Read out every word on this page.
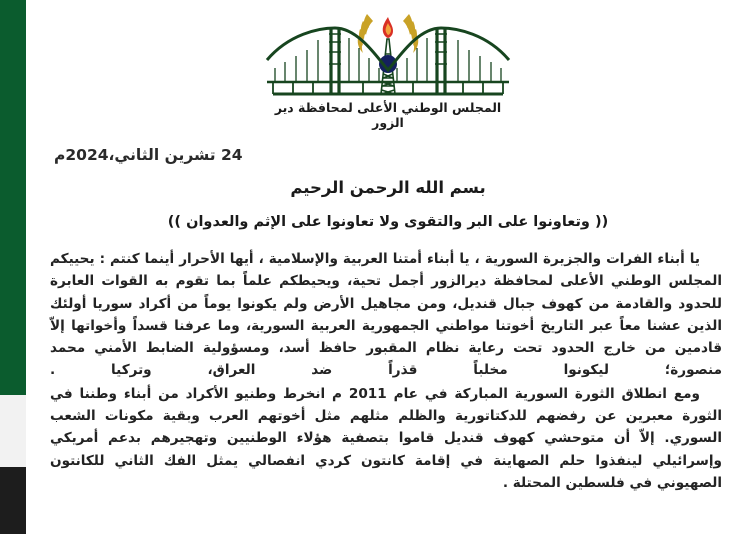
المجلس الوطني الأعلى لمحافظة دير الزور
24 تشرين الثاني،2024م
بسم الله الرحمن الرحيم
(( وتعاونوا على البر والتقوى ولا تعاونوا على الإثم والعدوان ))

يا أبناء الفرات والجزيرة السورية ، يا أبناء أمتنا العربية والإسلامية ، أيها الأحرار أينما كنتم : يحييكم المجلس الوطني الأعلى لمحافظة ديرالزور أجمل تحية، ويحيطكم علماً بما تقوم به القوات العابرة للحدود والقادمة من كهوف جبال قنديل، ومن مجاهيل الأرض ولم يكونوا يوماً من أكراد سوريا أولئك الذين عشنا معاً عبر التاريخ أخوتنا مواطني الجمهورية العربية السورية، وما عرفنا قسداً وأخواتها إلاّ قادمين من خارج الحدود تحت رعاية نظام المقبور حافظ أسد، ومسؤولية الضابط الأمني محمد منصورة؛ ليكونوا مخلباً قذراً ضد العراق، وتركيا .

ومع انطلاق الثورة السورية المباركة في عام 2011 م انخرط وطنيو الأكراد من أبناء وطننا في الثورة معبرين عن رفضهم للدكتاتورية والظلم مثلهم مثل أخوتهم العرب وبقية مكونات الشعب السوري. إلاّ أن متوحشي كهوف قنديل قاموا بتصفية هؤلاء الوطنيين وتهجيرهم بدعم أمريكي وإسرائيلي لينفذوا حلم الصهاينة في إقامة كانتون كردي انفصالي يمثل الفك الثاني للكانتون الصهيوني في فلسطين المحتلة .
